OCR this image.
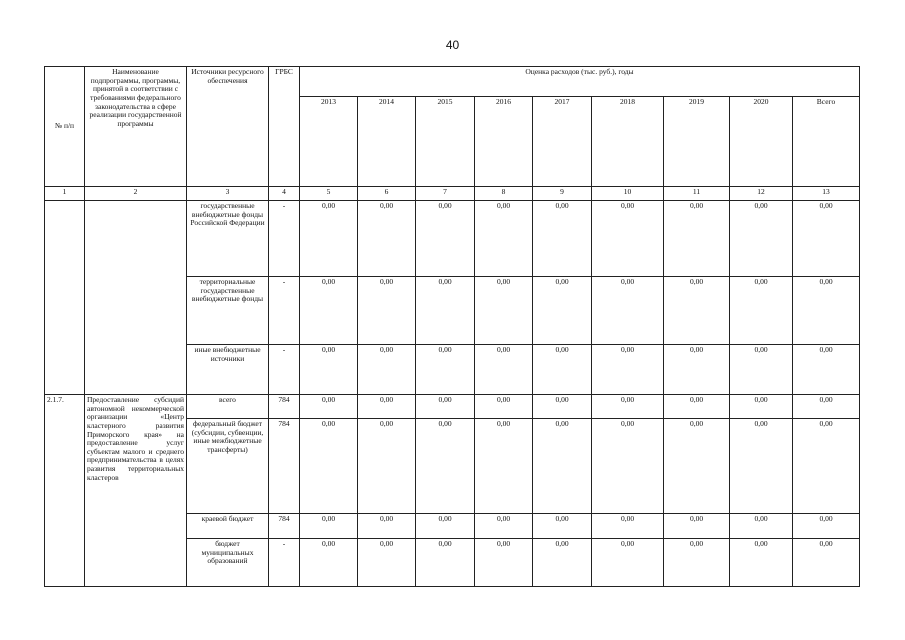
40
№ п/п	Наименование подпрограммы, программы, принятой в соответствии с требованиями федерального законодательства в сфере реализации государственной программы	Источники ресурсного обеспечения	ГРБС	Оценка расходов (тыс. руб.), годы								
				2013	2014	2015	2016	2017	2018	2019	2020	Всего
1	2	3	4	5	6	7	8	9	10	11	12	13
		государственные внебюджетные фонды Российской Федерации	-	0,00	0,00	0,00	0,00	0,00	0,00	0,00	0,00	0,00
		территориальные государственные внебюджетные фонды	-	0,00	0,00	0,00	0,00	0,00	0,00	0,00	0,00	0,00
		иные внебюджетные источники	-	0,00	0,00	0,00	0,00	0,00	0,00	0,00	0,00	0,00
2.1.7.	Предоставление субсидий автономной некоммерческой организации «Центр кластерного развития Приморского края» на предоставление услуг субъектам малого и среднего предпринимательства в целях развития территориальных кластеров	всего	784	0,00	0,00	0,00	0,00	0,00	0,00	0,00	0,00	0,00
		федеральный бюджет (субсидии, субвенции, иные межбюджетные трансферты)	784	0,00	0,00	0,00	0,00	0,00	0,00	0,00	0,00	0,00
		краевой бюджет	784	0,00	0,00	0,00	0,00	0,00	0,00	0,00	0,00	0,00
		бюджет муниципальных образований	-	0,00	0,00	0,00	0,00	0,00	0,00	0,00	0,00	0,00
